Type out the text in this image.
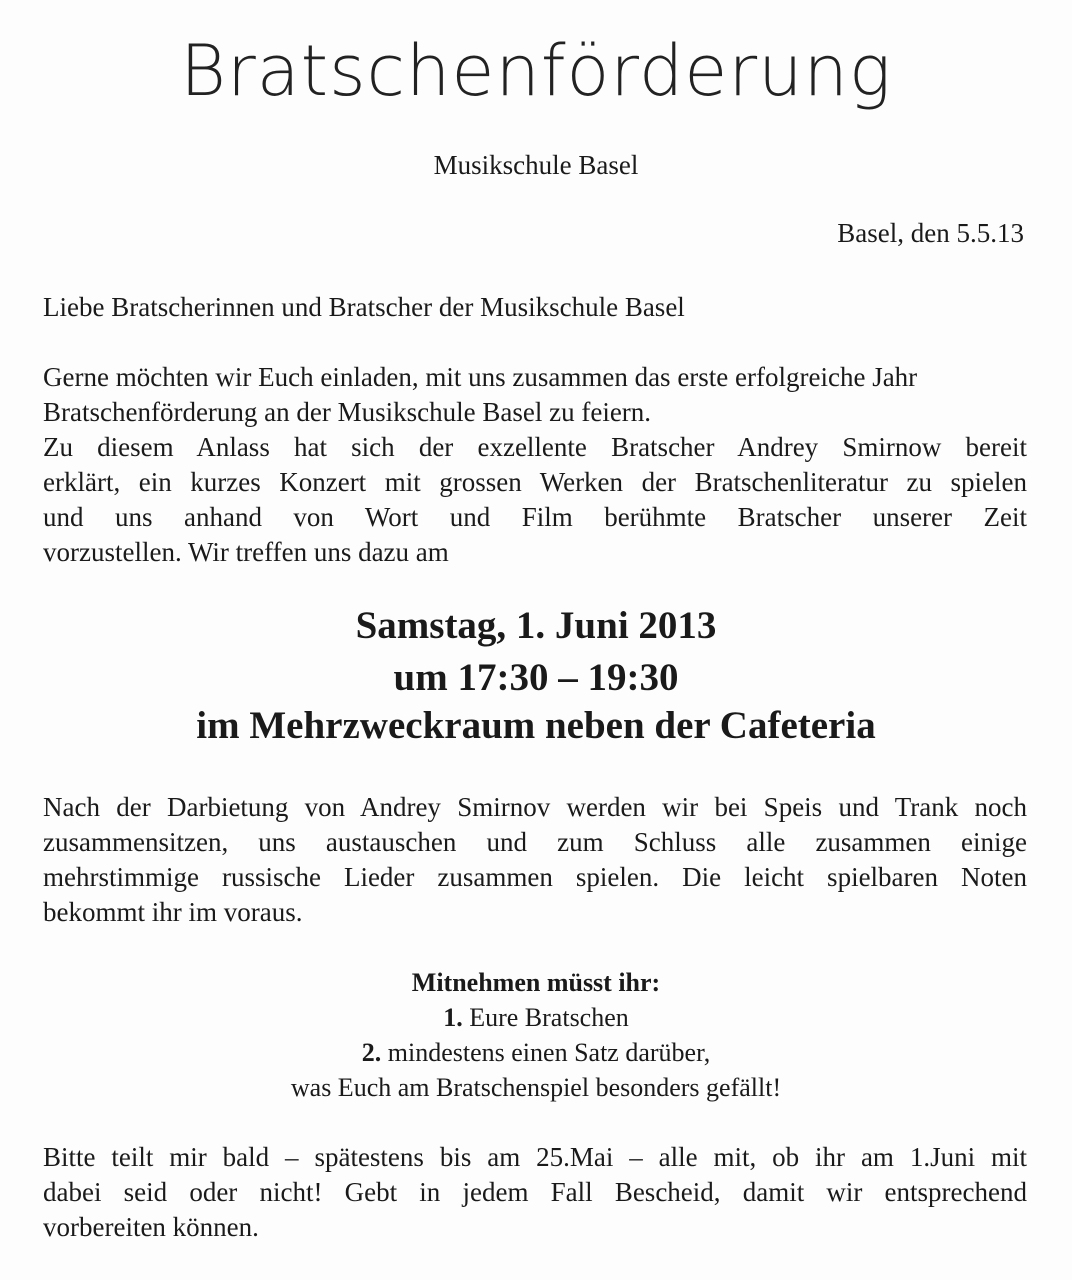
Bratschenförderung
Musikschule Basel
Basel, den 5.5.13
Liebe Bratscherinnen und Bratscher der Musikschule Basel
Gerne möchten wir Euch einladen, mit uns zusammen das erste erfolgreiche Jahr
Bratschenförderung an der Musikschule Basel zu feiern.
Zu diesem Anlass hat sich der exzellente Bratscher Andrey Smirnow bereit
erklärt, ein kurzes Konzert mit grossen Werken der Bratschenliteratur zu spielen
und uns anhand von Wort und Film berühmte Bratscher unserer Zeit
vorzustellen. Wir treffen uns dazu am
Samstag, 1. Juni 2013
um 17:30 – 19:30
im Mehrzweckraum neben der Cafeteria
Nach der Darbietung von Andrey Smirnov werden wir bei Speis und Trank noch
zusammensitzen, uns austauschen und zum Schluss alle zusammen einige
mehrstimmige russische Lieder zusammen spielen. Die leicht spielbaren Noten
bekommt ihr im voraus.
Mitnehmen müsst ihr:
1. Eure Bratschen
2. mindestens einen Satz darüber,
was Euch am Bratschenspiel besonders gefällt!
Bitte teilt mir bald – spätestens bis am 25.Mai – alle mit, ob ihr am 1.Juni mit
dabei seid oder nicht! Gebt in jedem Fall Bescheid, damit wir entsprechend
vorbereiten können.
